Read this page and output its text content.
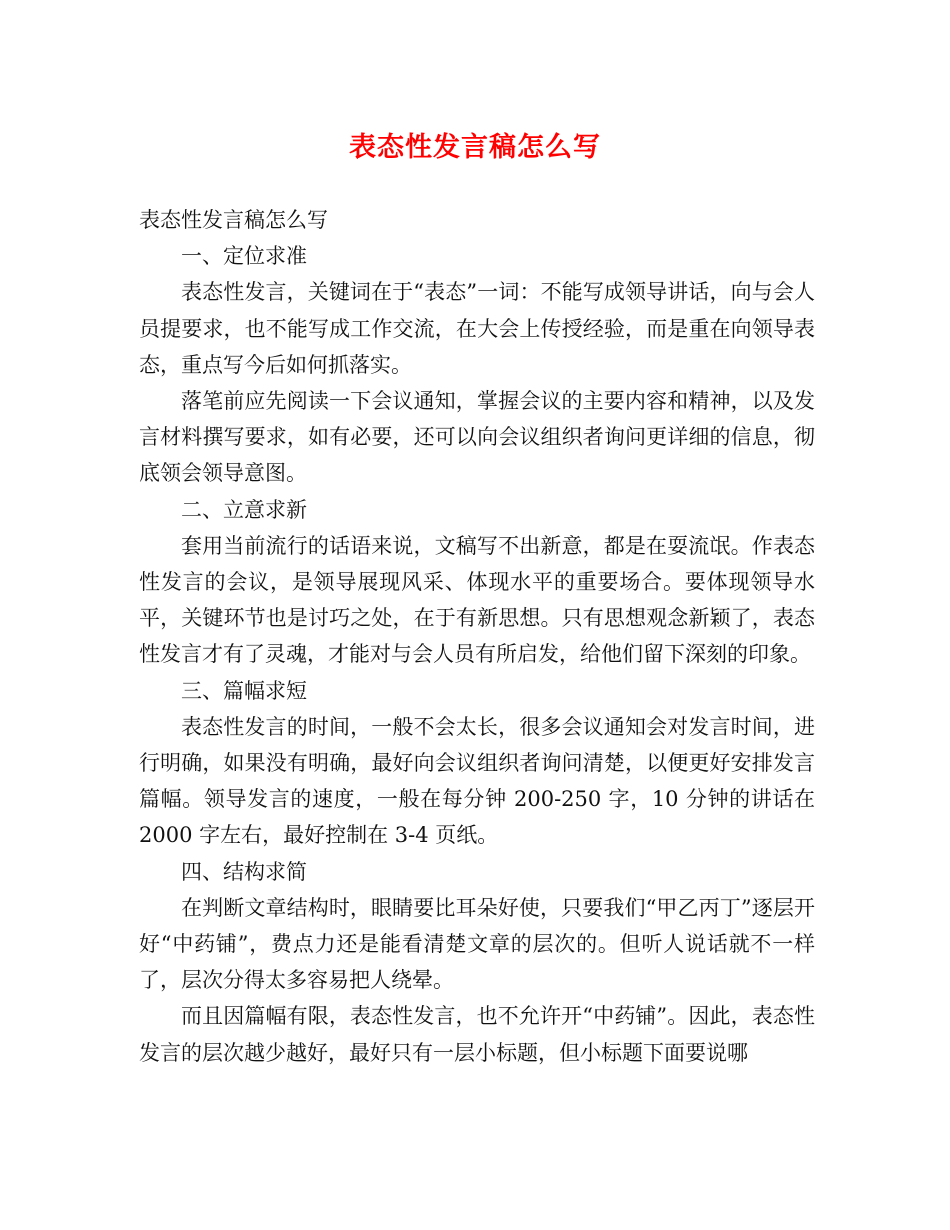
表态性发言稿怎么写

表态性发言稿怎么写

一、定位求准

表态性发言，关键词在于“表态”一词：不能写成领导讲话，向与会人员提要求，也不能写成工作交流，在大会上传授经验，而是重在向领导表态，重点写今后如何抓落实。

落笔前应先阅读一下会议通知，掌握会议的主要内容和精神，以及发言材料撰写要求，如有必要，还可以向会议组织者询问更详细的信息，彻底领会领导意图。

二、立意求新

套用当前流行的话语来说，文稿写不出新意，都是在耍流氓。作表态性发言的会议，是领导展现风采、体现水平的重要场合。要体现领导水平，关键环节也是讨巧之处，在于有新思想。只有思想观念新颖了，表态性发言才有了灵魂，才能对与会人员有所启发，给他们留下深刻的印象。

三、篇幅求短

表态性发言的时间，一般不会太长，很多会议通知会对发言时间，进行明确，如果没有明确，最好向会议组织者询问清楚，以便更好安排发言篇幅。领导发言的速度，一般在每分钟 200-250 字，10 分钟的讲话在 2000 字左右，最好控制在 3-4 页纸。

四、结构求简

在判断文章结构时，眼睛要比耳朵好使，只要我们“甲乙丙丁”逐层开好“中药铺”，费点力还是能看清楚文章的层次的。但听人说话就不一样了，层次分得太多容易把人绕晕。

而且因篇幅有限，表态性发言，也不允许开“中药铺”。因此，表态性发言的层次越少越好，最好只有一层小标题，但小标题下面要说哪
